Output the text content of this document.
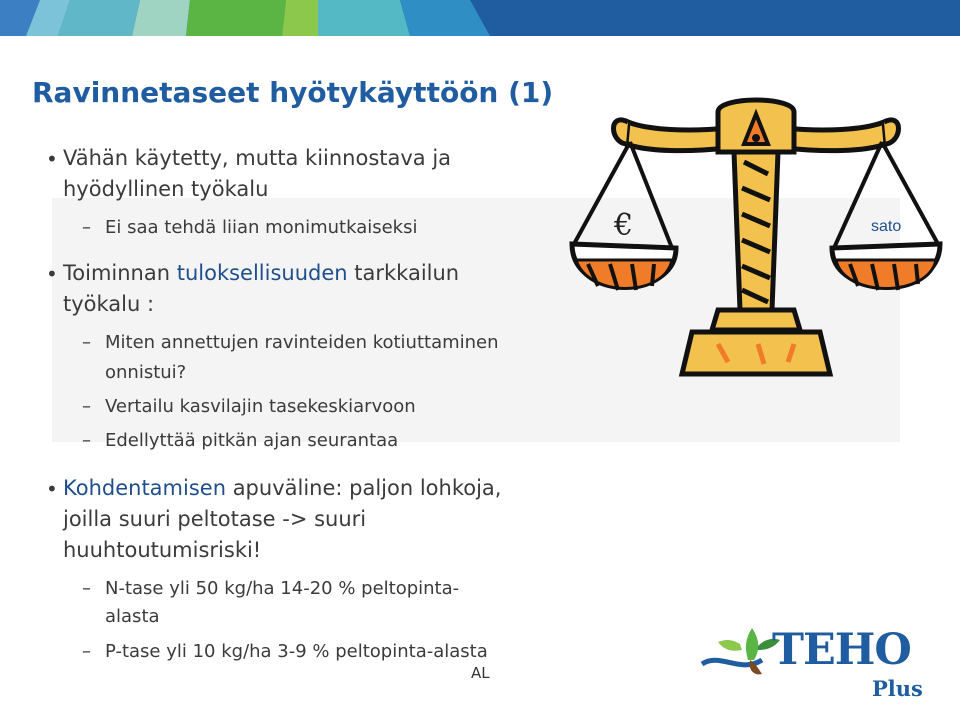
Ravinnetaseet hyötykäyttöön (1)
• Vähän käytetty, mutta kiinnostava ja
hyödyllinen työkalu
– Ei saa tehdä liian monimutkaiseksi
• Toiminnan tuloksellisuuden tarkkailun
työkalu :
– Miten annettujen ravinteiden kotiuttaminen
onnistui?
– Vertailu kasvilajin tasekeskiarvoon
– Edellyttää pitkän ajan seurantaa
• Kohdentamisen apuväline: paljon lohkoja,
joilla suuri peltotase -> suuri
huuhtoutumisriski!
– N-tase yli 50 kg/ha 14-20 % peltopinta-
alasta
– P-tase yli 10 kg/ha 3-9 % peltopinta-alasta
AL
€	sato
TEHO
Plus
